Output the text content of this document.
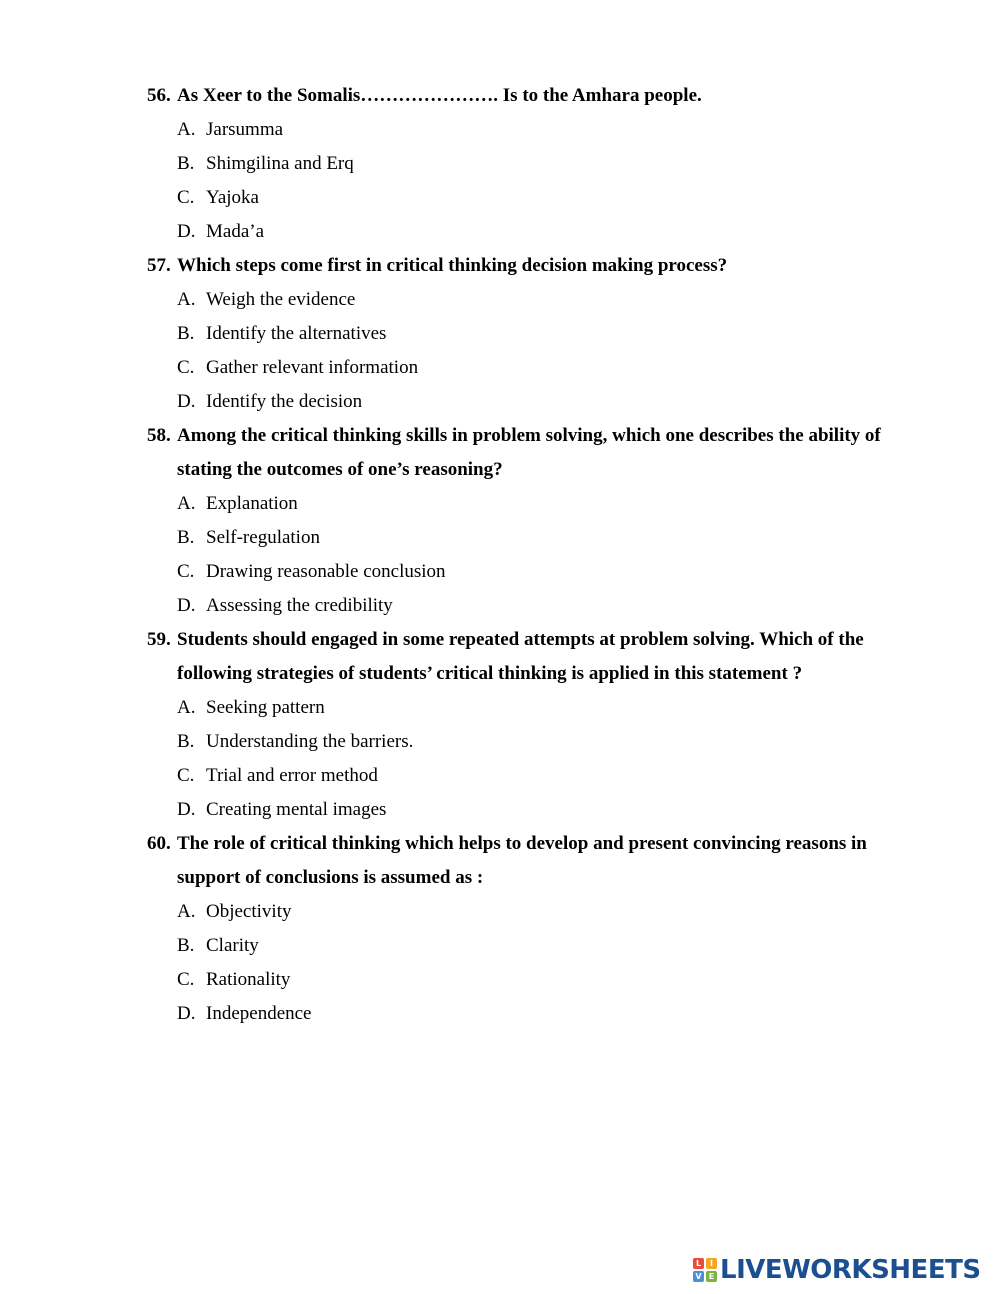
56. As Xeer to the Somalis…………………. Is to the Amhara people.
A. Jarsumma
B. Shimgilina and Erq
C. Yajoka
D. Mada’a
57. Which steps come first in critical thinking decision making process?
A. Weigh the evidence
B. Identify the alternatives
C. Gather relevant information
D. Identify the decision
58. Among the critical thinking skills in problem solving, which one describes the ability of stating the outcomes of one’s reasoning?
A. Explanation
B. Self-regulation
C. Drawing reasonable conclusion
D. Assessing the credibility
59. Students should engaged in some repeated attempts at problem solving. Which of the following strategies of students’ critical thinking is applied in this statement ?
A. Seeking pattern
B. Understanding the barriers.
C. Trial and error method
D. Creating mental images
60. The role of critical thinking which helps to develop and present convincing reasons in support of conclusions is assumed as :
A. Objectivity
B. Clarity
C. Rationality
D. Independence
L	I
V E LIVEWORKSHEETS
